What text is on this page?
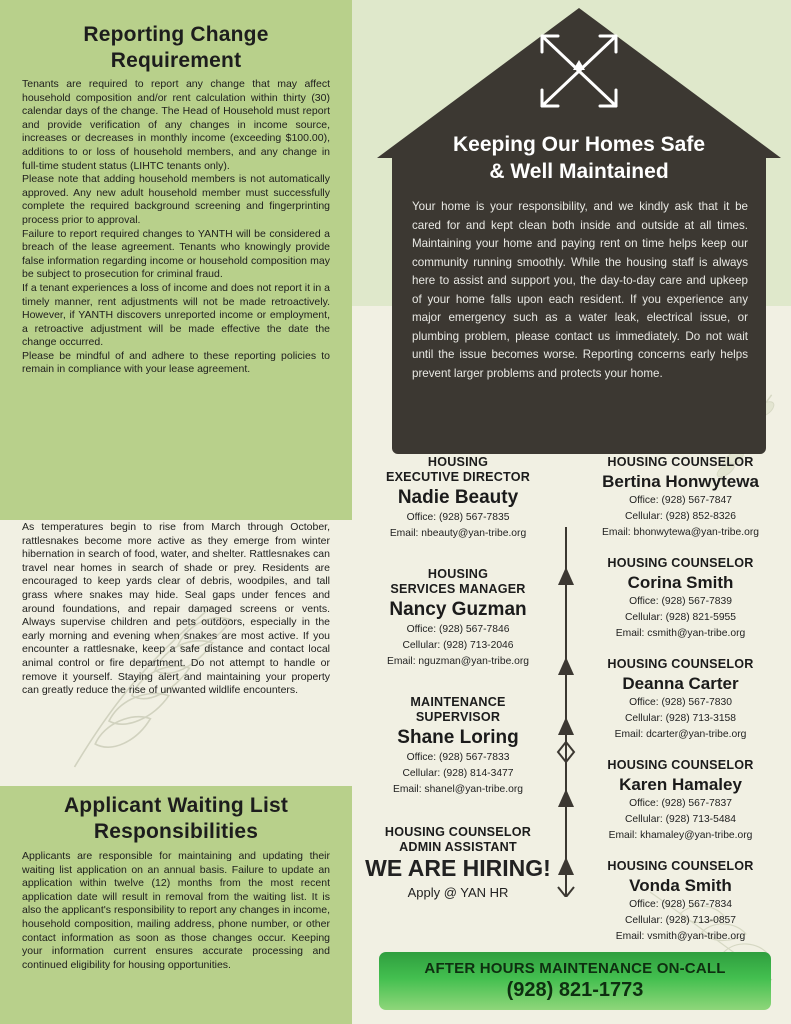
Reporting Change Requirement

Tenants are required to report any change that may affect household composition and/or rent calculation within thirty (30) calendar days of the change. The Head of Household must report and provide verification of any changes in income source, increases or decreases in monthly income (exceeding $100.00), additions to or loss of household members, and any change in full-time student status (LIHTC tenants only).

Please note that adding household members is not automatically approved. Any new adult household member must successfully complete the required background screening and fingerprinting process prior to approval.

Failure to report required changes to YANTH will be considered a breach of the lease agreement. Tenants who knowingly provide false information regarding income or household composition may be subject to prosecution for criminal fraud.

If a tenant experiences a loss of income and does not report it in a timely manner, rent adjustments will not be made retroactively. However, if YANTH discovers unreported income or employment, a retroactive adjustment will be made effective the date the change occurred.

Please be mindful of and adhere to these reporting policies to remain in compliance with your lease agreement.

As temperatures begin to rise from March through October, rattlesnakes become more active as they emerge from winter hibernation in search of food, water, and shelter. Rattlesnakes can travel near homes in search of shade or prey. Residents are encouraged to keep yards clear of debris, woodpiles, and tall grass where snakes may hide. Seal gaps under fences and around foundations, and repair damaged screens or vents. Always supervise children and pets outdoors, especially in the early morning and evening when snakes are most active. If you encounter a rattlesnake, keep a safe distance and contact local animal control or fire department. Do not attempt to handle or remove it yourself. Staying alert and maintaining your property can greatly reduce the rise of unwanted wildlife encounters.

Applicant Waiting List Responsibilities

Applicants are responsible for maintaining and updating their waiting list application on an annual basis. Failure to update an application within twelve (12) months from the most recent application date will result in removal from the waiting list. It is also the applicant's responsibility to report any changes in income, household composition, mailing address, phone number, or other contact information as soon as those changes occur. Keeping your information current ensures accurate processing and continued eligibility for housing opportunities.

Keeping Our Homes Safe
& Well Maintained
Your home is your responsibility, and we kindly ask that it be cared for and kept clean both inside and outside at all times. Maintaining your home and paying rent on time helps keep our community running smoothly. While the housing staff is always here to assist and support you, the day-to-day care and upkeep of your home falls upon each resident. If you experience any major emergency such as a water leak, electrical issue, or plumbing problem, please contact us immediately. Do not wait until the issue becomes worse. Reporting concerns early helps prevent larger problems and protects your home.
HOUSING
EXECUTIVE DIRECTOR
Nadie Beauty
Office: (928) 567-7835
Email: nbeauty@yan-tribe.org
HOUSING
SERVICES MANAGER
Nancy Guzman
Office: (928) 567-7846
Cellular: (928) 713-2046
Email: nguzman@yan-tribe.org
MAINTENANCE
SUPERVISOR
Shane Loring
Office: (928) 567-7833
Cellular: (928) 814-3477
Email: shanel@yan-tribe.org
HOUSING COUNSELOR
ADMIN ASSISTANT
WE ARE HIRING!
Apply @ YAN HR
HOUSING COUNSELOR
Bertina Honwytewa
Office: (928) 567-7847
Cellular: (928) 852-8326
Email: bhonwytewa@yan-tribe.org
HOUSING COUNSELOR
Corina Smith
Office: (928) 567-7839
Cellular: (928) 821-5955
Email: csmith@yan-tribe.org
HOUSING COUNSELOR
Deanna Carter
Office: (928) 567-7830
Cellular: (928) 713-3158
Email: dcarter@yan-tribe.org
HOUSING COUNSELOR
Karen Hamaley
Office: (928) 567-7837
Cellular: (928) 713-5484
Email: khamaley@yan-tribe.org
HOUSING COUNSELOR
Vonda Smith
Office: (928) 567-7834
Cellular: (928) 713-0857
Email: vsmith@yan-tribe.org
AFTER HOURS MAINTENANCE ON-CALL
(928) 821-1773
